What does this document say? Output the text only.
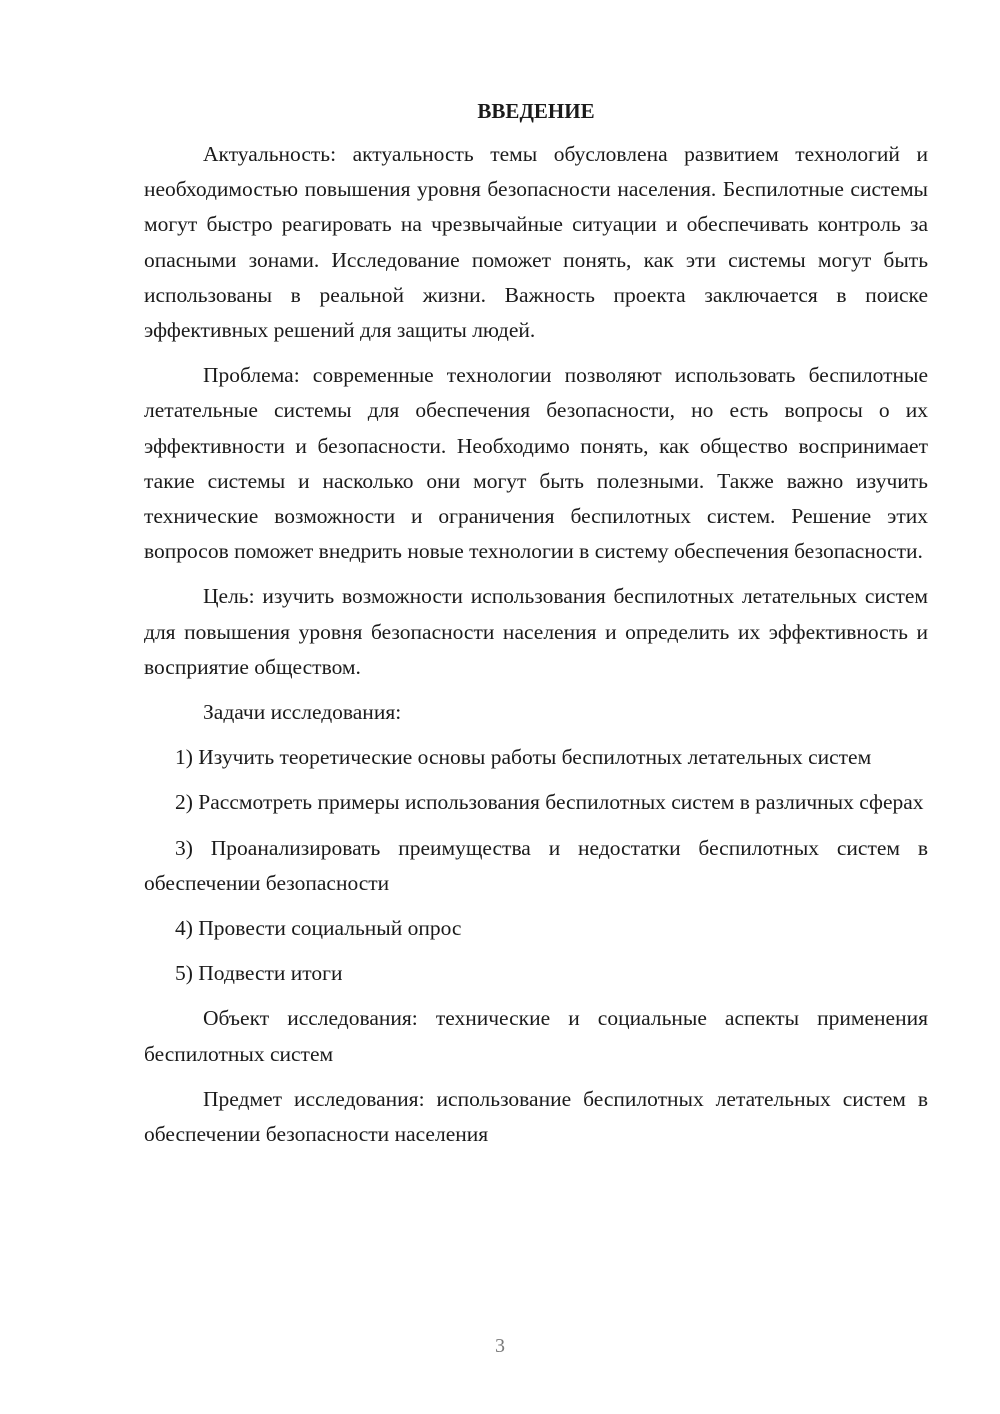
ВВЕДЕНИЕ

Актуальность: актуальность темы обусловлена развитием технологий и необходимостью повышения уровня безопасности населения. Беспилотные системы могут быстро реагировать на чрезвычайные ситуации и обеспечивать контроль за опасными зонами. Исследование поможет понять, как эти системы могут быть использованы в реальной жизни. Важность проекта заключается в поиске эффективных решений для защиты людей.

Проблема: современные технологии позволяют использовать беспилотные летательные системы для обеспечения безопасности, но есть вопросы о их эффективности и безопасности. Необходимо понять, как общество воспринимает такие системы и насколько они могут быть полезными. Также важно изучить технические возможности и ограничения беспилотных систем. Решение этих вопросов поможет внедрить новые технологии в систему обеспечения безопасности.

Цель: изучить возможности использования беспилотных летательных систем для повышения уровня безопасности населения и определить их эффективность и восприятие обществом.

Задачи исследования:

1) Изучить теоретические основы работы беспилотных летательных систем

2) Рассмотреть примеры использования беспилотных систем в различных сферах

3) Проанализировать преимущества и недостатки беспилотных систем в обеспечении безопасности

4) Провести социальный опрос

5) Подвести итоги

Объект исследования: технические и социальные аспекты применения беспилотных систем

Предмет исследования: использование беспилотных летательных систем в обеспечении безопасности населения

3
